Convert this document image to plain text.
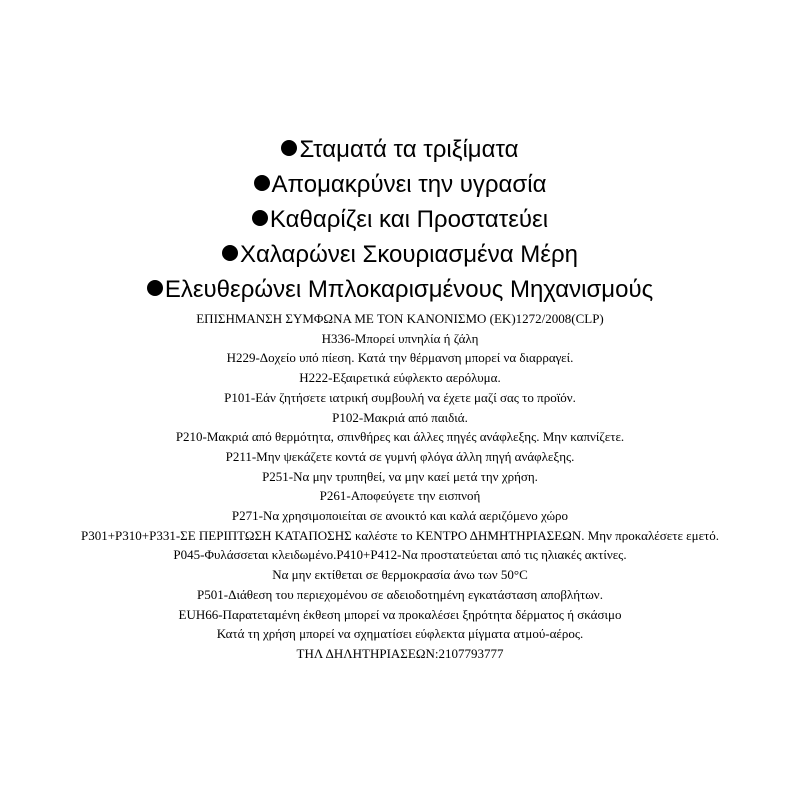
Σταματά τα τριξίματα
Απομακρύνει την υγρασία
Καθαρίζει και Προστατεύει
Χαλαρώνει Σκουριασμένα Μέρη
Ελευθερώνει Μπλοκαρισμένους Μηχανισμούς
ΕΠΙΣΗΜΑΝΣΗ ΣΥΜΦΩΝΑ ΜΕ ΤΟΝ ΚΑΝΟΝΙΣΜΟ (ΕΚ)1272/2008(CLP)
H336-Μπορεί υπνηλία ή ζάλη
H229-Δοχείο υπό πίεση. Κατά την θέρμανση μπορεί να διαρραγεί.
H222-Εξαιρετικά εύφλεκτο αερόλυμα.
P101-Εάν ζητήσετε ιατρική συμβουλή να έχετε μαζί σας το προϊόν.
P102-Μακριά από παιδιά.
P210-Μακριά από θερμότητα, σπινθήρες και άλλες πηγές ανάφλεξης. Μην καπνίζετε.
P211-Μην ψεκάζετε κοντά σε γυμνή φλόγα άλλη πηγή ανάφλεξης.
P251-Να μην τρυπηθεί, να μην καεί μετά την χρήση.
P261-Αποφεύγετε την εισπνοή
P271-Να χρησιμοποιείται σε ανοικτό και καλά αεριζόμενο χώρο
P301+P310+P331-ΣΕ ΠΕΡΙΠΤΩΣΗ ΚΑΤΑΠΟΣΗΣ καλέστε το ΚΕΝΤΡΟ ΔΗΜΗΤΗΡΙΑΣΕΩΝ. Μην προκαλέσετε εμετό.
P045-Φυλάσσεται κλειδωμένο.P410+P412-Να προστατεύεται από τις ηλιακές ακτίνες.
Να μην εκτίθεται σε θερμοκρασία άνω των 50°C
P501-Διάθεση του περιεχομένου σε αδειοδοτημένη εγκατάσταση αποβλήτων.
EUH66-Παρατεταμένη έκθεση μπορεί να προκαλέσει ξηρότητα δέρματος ή σκάσιμο
Κατά τη χρήση μπορεί να σχηματίσει εύφλεκτα μίγματα ατμού-αέρος.
ΤΗΛ ΔΗΛΗΤΗΡΙΑΣΕΩΝ:2107793777
